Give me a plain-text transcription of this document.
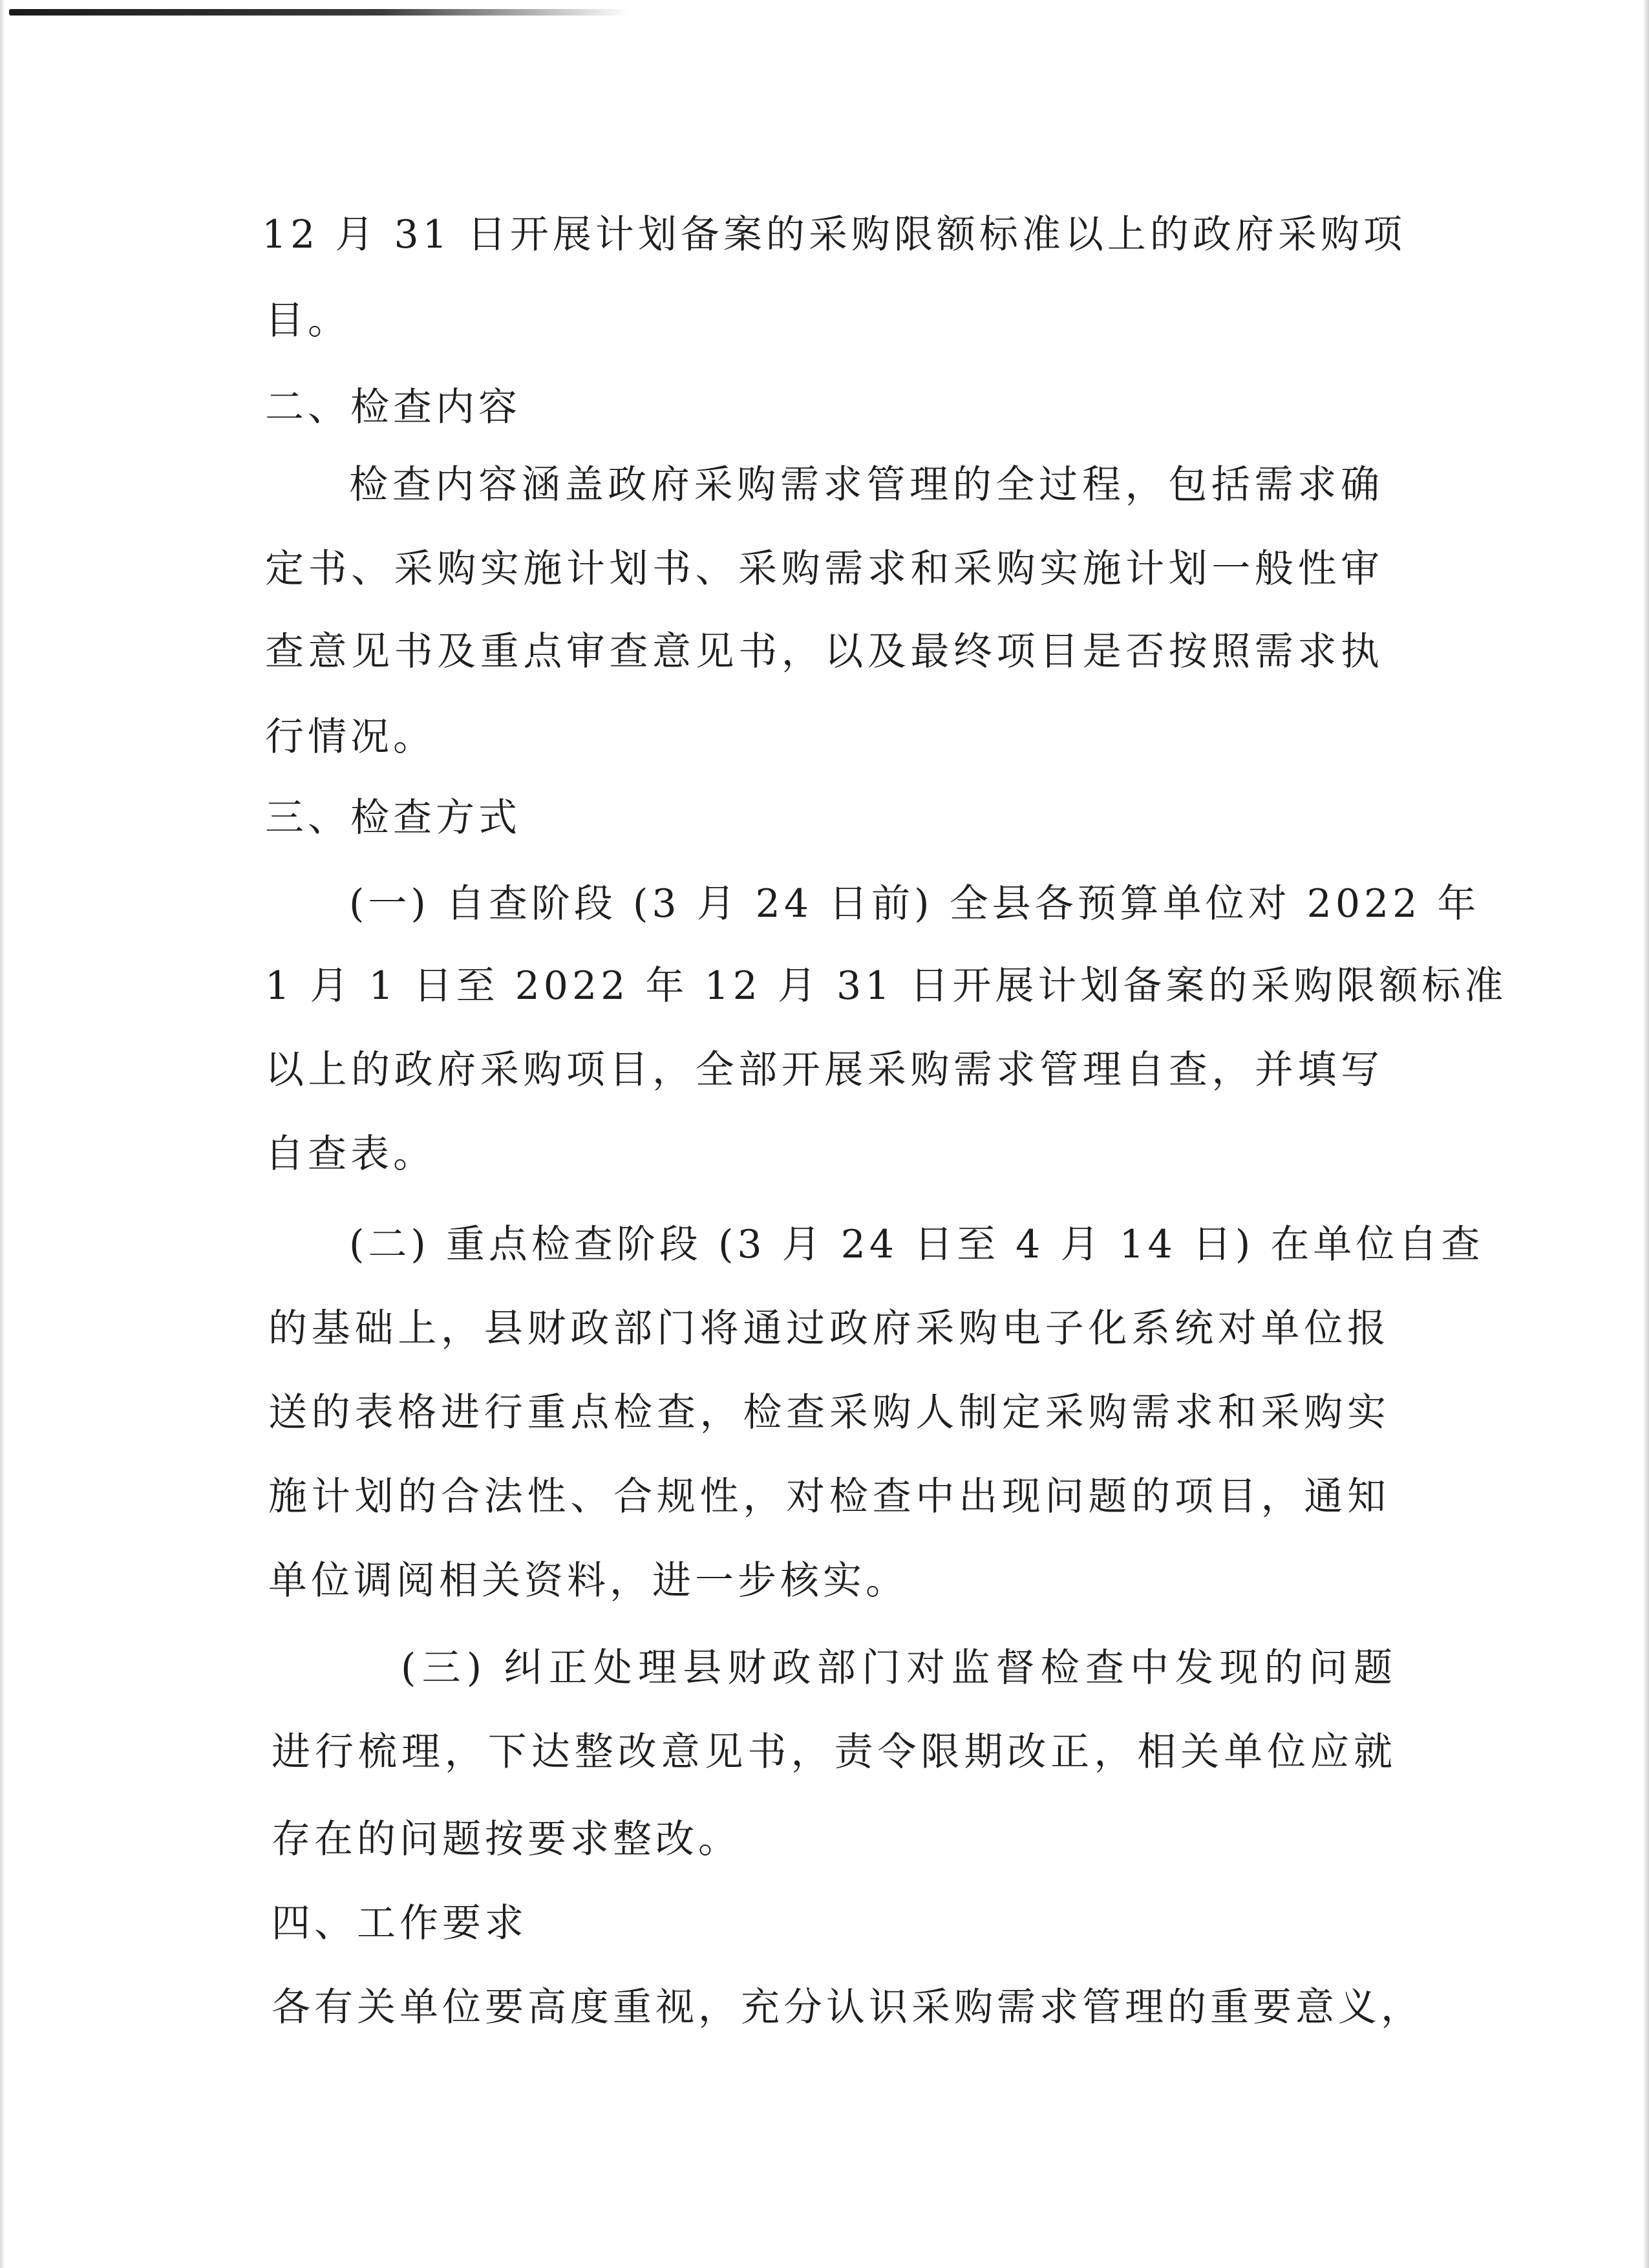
12 月 31 日开展计划备案的采购限额标准以上的政府采购项
目。
二、检查内容
检查内容涵盖政府采购需求管理的全过程，包括需求确
定书、采购实施计划书、采购需求和采购实施计划一般性审
查意见书及重点审查意见书，以及最终项目是否按照需求执
行情况。
三、检查方式
(一) 自查阶段 (3 月 24 日前) 全县各预算单位对 2022 年
1 月 1 日至 2022 年 12 月 31 日开展计划备案的采购限额标准
以上的政府采购项目，全部开展采购需求管理自查，并填写
自查表。
(二) 重点检查阶段 (3 月 24 日至 4 月 14 日) 在单位自查
的基础上，县财政部门将通过政府采购电子化系统对单位报
送的表格进行重点检查，检查采购人制定采购需求和采购实
施计划的合法性、合规性，对检查中出现问题的项目，通知
单位调阅相关资料，进一步核实。
(三) 纠正处理县财政部门对监督检查中发现的问题
进行梳理，下达整改意见书，责令限期改正，相关单位应就
存在的问题按要求整改。
四、工作要求
各有关单位要高度重视，充分认识采购需求管理的重要意义，
